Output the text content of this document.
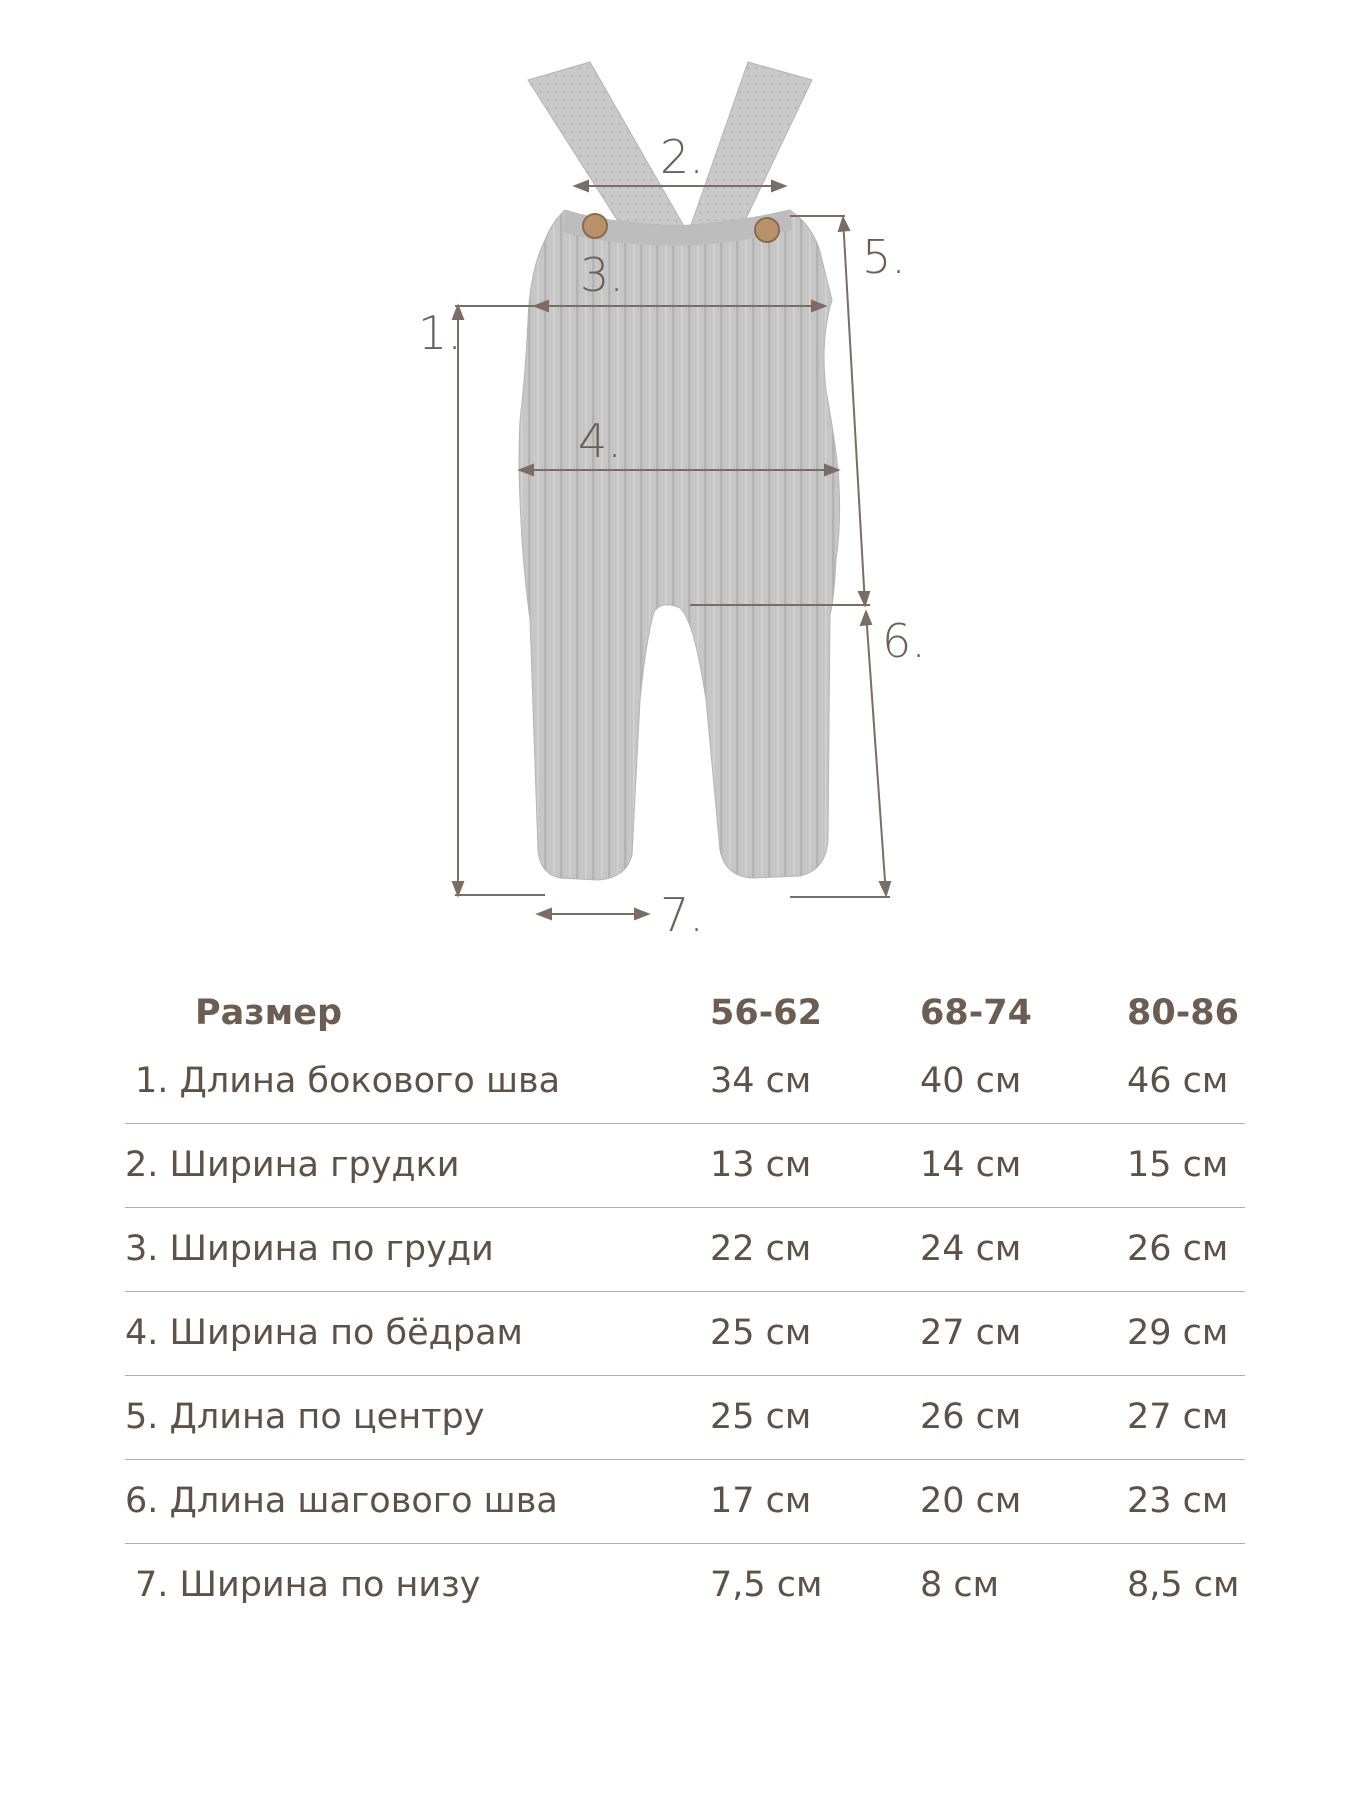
1.
2.
3.
4.
5.
6.
7.
Размер	56-62	68-74	80-86
1. Длина бокового шва	34 см	40 см	46 см
2. Ширина грудки	13 см	14 см	15 см
3. Ширина по груди	22 см	24 см	26 см
4. Ширина по бёдрам	25 см	27 см	29 см
5. Длина по центру	25 см	26 см	27 см
6. Длина шагового шва	17 см	20 см	23 см
7. Ширина по низу	7,5 см	8 см	8,5 см
